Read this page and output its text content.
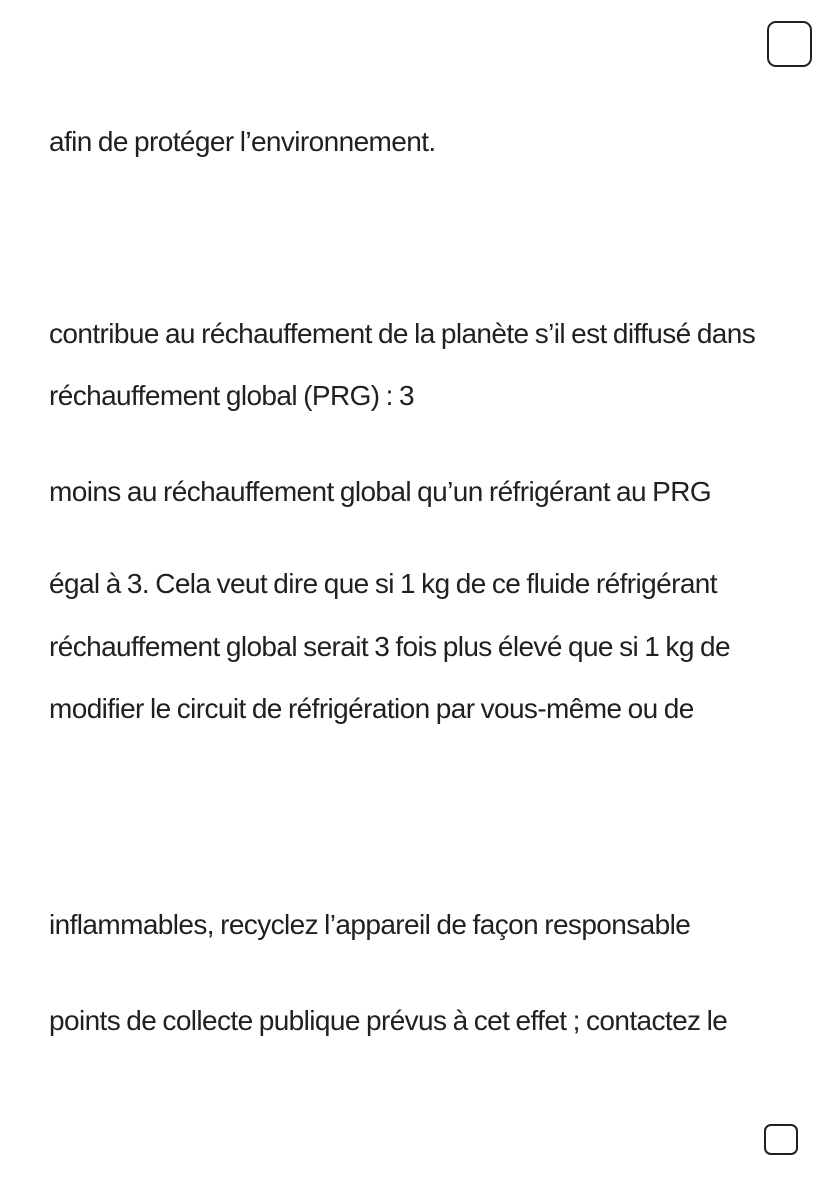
afin de protéger l’environnement.

contribue au réchauffement de la planète s’il est diffusé dans

réchauffement global (PRG) : 3

moins au réchauffement global qu’un réfrigérant au PRG

égal à 3. Cela veut dire que si 1 kg de ce fluide réfrigérant

réchauffement global serait 3 fois plus élevé que si 1 kg de

modifier le circuit de réfrigération par vous-même ou de

inflammables, recyclez l’appareil de façon responsable

points de collecte publique prévus à cet effet ; contactez le
